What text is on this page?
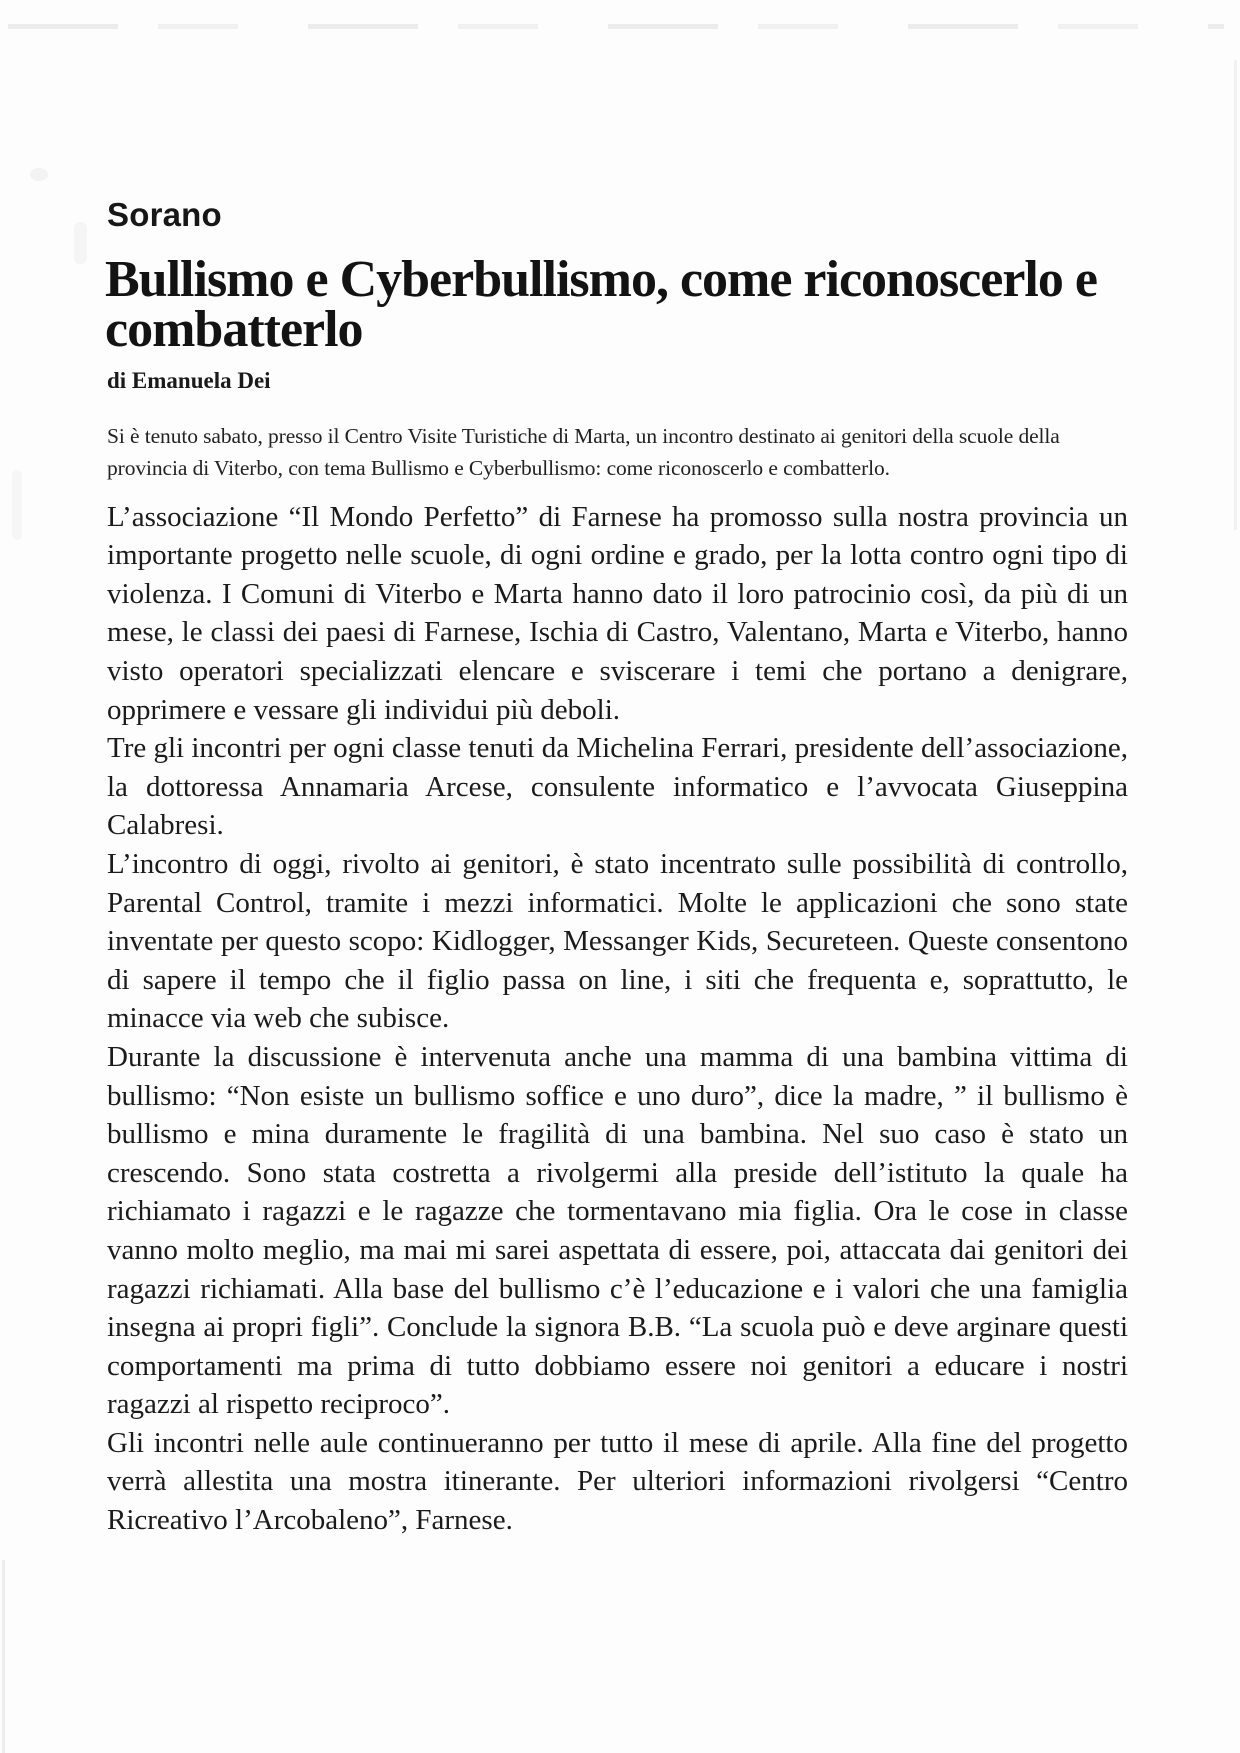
Sorano
Bullismo e Cyberbullismo, come riconoscerlo e combatterlo
di Emanuela Dei

Si è tenuto sabato, presso il Centro Visite Turistiche di Marta, un incontro destinato ai genitori della scuole della provincia di Viterbo, con tema Bullismo e Cyberbullismo: come riconoscerlo e combatterlo.

L’associazione “Il Mondo Perfetto” di Farnese ha promosso sulla nostra provincia un importante progetto nelle scuole, di ogni ordine e grado, per la lotta contro ogni tipo di violenza. I Comuni di Viterbo e Marta hanno dato il loro patrocinio così, da più di un mese, le classi dei paesi di Farnese, Ischia di Castro, Valentano, Marta e Viterbo, hanno visto operatori specializzati elencare e sviscerare i temi che portano a denigrare, opprimere e vessare gli individui più deboli.

Tre gli incontri per ogni classe tenuti da Michelina Ferrari, presidente dell’associazione, la dottoressa Annamaria Arcese, consulente informatico e l’avvocata Giuseppina Calabresi.

L’incontro di oggi, rivolto ai genitori, è stato incentrato sulle possibilità di controllo, Parental Control, tramite i mezzi informatici. Molte le applicazioni che sono state inventate per questo scopo: Kidlogger, Messanger Kids, Secureteen. Queste consentono di sapere il tempo che il figlio passa on line, i siti che frequenta e, soprattutto, le minacce via web che subisce.

Durante la discussione è intervenuta anche una mamma di una bambina vittima di bullismo: “Non esiste un bullismo soffice e uno duro”, dice la madre, ” il bullismo è bullismo e mina duramente le fragilità di una bambina. Nel suo caso è stato un crescendo. Sono stata costretta a rivolgermi alla preside dell’istituto la quale ha richiamato i ragazzi e le ragazze che tormentavano mia figlia. Ora le cose in classe vanno molto meglio, ma mai mi sarei aspettata di essere, poi, attaccata dai genitori dei ragazzi richiamati. Alla base del bullismo c’è l’educazione e i valori che una famiglia insegna ai propri figli”. Conclude la signora B.B. “La scuola può e deve arginare questi comportamenti ma prima di tutto dobbiamo essere noi genitori a educare i nostri ragazzi al rispetto reciproco”.

Gli incontri nelle aule continueranno per tutto il mese di aprile. Alla fine del progetto verrà allestita una mostra itinerante. Per ulteriori informazioni rivolgersi “Centro Ricreativo l’Arcobaleno”, Farnese.
